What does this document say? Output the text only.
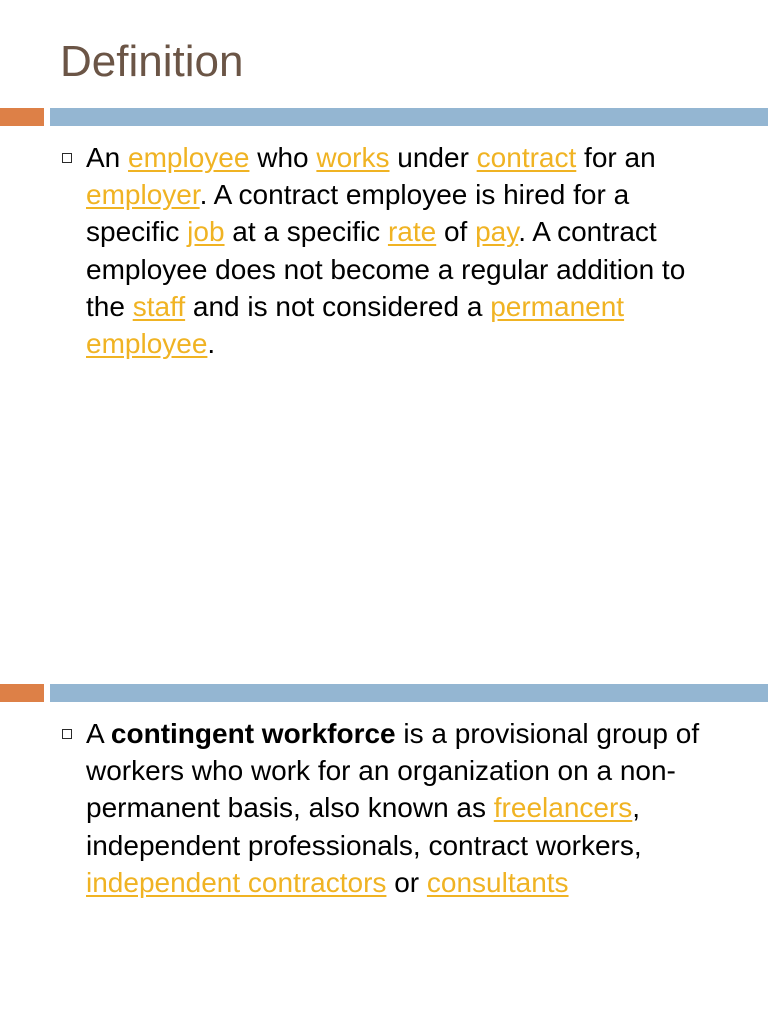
Definition
An employee who works under contract for an employer. A contract employee is hired for a specific job at a specific rate of pay. A contract employee does not become a regular addition to the staff and is not considered a permanent employee.
A contingent workforce is a provisional group of workers who work for an organization on a non-permanent basis, also known as freelancers, independent professionals, contract workers, independent contractors or consultants
